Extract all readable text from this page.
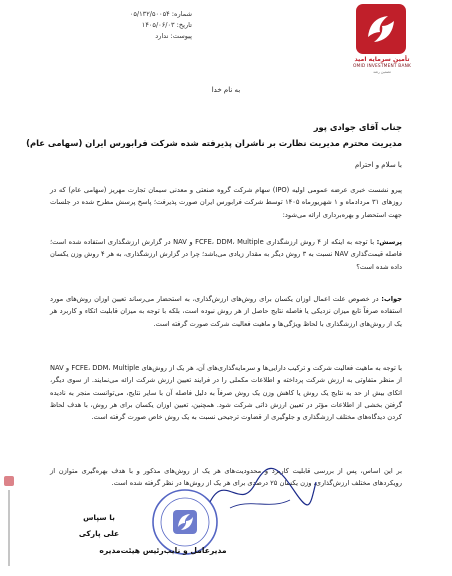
شماره: ۰۵/۱۳۲/۵۰۰۵۴
تاریخ: ۱۴۰۵/۰۶/۰۳
پیوست: ندارد
تأمین سرمایه امید
OMID INVESTMENT BANK
تضمین رشد
به نام خدا
جناب آقای جوادی پور
مدیریت محترم مدیریت نظارت بر ناشران پذیرفته شده شرکت فرابورس ایران (سهامی عام)
با سلام و احترام
پیرو نشست خبری عرضه عمومی اولیه (IPO) سهام شرکت گروه صنعتی و معدنی سیمان تجارت مهریز (سهامی عام) که در روزهای ۳۱ مردادماه و ۱ شهریورماه ۱۴۰۵ توسط شرکت فرابورس ایران صورت پذیرفت؛ پاسخ پرسش مطرح شده در جلسات جهت استحضار و بهره‌برداری ارائه می‌شود:
پرسش: با توجه به اینکه از ۴ روش ارزشگذاری FCFE، DDM، Multiple و NAV در گزارش ارزشگذاری استفاده شده است؛ فاصله قیمت‌گذاری NAV نسبت به ۳ روش دیگر به مقدار زیادی می‌باشد؛ چرا در گزارش ارزشگذاری، به هر ۴ روش وزن یکسان داده شده است؟
جواب: در خصوص علت اعمال اوزان یکسان برای روش‌های ارزش‌گذاری، به استحضار می‌رساند تعیین اوزان روش‌های مورد استفاده صرفاً تابع میزان نزدیکی یا فاصله نتایج حاصل از هر روش نبوده است، بلکه با توجه به میزان قابلیت اتکاء و کاربرد هر یک از روش‌های ارزشگذاری با لحاظ ویژگی‌ها و ماهیت فعالیت شرکت صورت گرفته است.
با توجه به ماهیت فعالیت شرکت و ترکیب دارایی‌ها و سرمایه‌گذاری‌های آن، هر یک از روش‌های FCFE، DDM، Multiple و NAV از منظر متفاوتی به ارزش شرکت پرداخته و اطلاعات مکملی را در فرایند تعیین ارزش شرکت ارائه می‌نمایند. از سوی دیگر، اتکای بیش از حد به نتایج یک روش یا کاهش وزن یک روش صرفاً به دلیل فاصله آن با سایر نتایج، می‌توانست منجر به نادیده گرفتن بخشی از اطلاعات مؤثر در تعیین ارزش ذاتی شرکت شود. همچنین، تعیین اوزان یکسان برای هر روش، با هدف لحاظ کردن دیدگاه‌های مختلف ارزشگذاری و جلوگیری از قضاوت ترجیحی نسبت به یک روش خاص صورت گرفته است.
بر این اساس، پس از بررسی قابلیت کاربرد و محدودیت‌های هر یک از روش‌های مذکور و با هدف بهره‌گیری متوازن از رویکردهای مختلف ارزش‌گذاری، وزن یکسان ۲۵ درصدی برای هر یک از روش‌ها در نظر گرفته شده است.
با سپاس
علی پارکی
مدیرعامل و نایب‌رئیس هیئت‌مدیره
